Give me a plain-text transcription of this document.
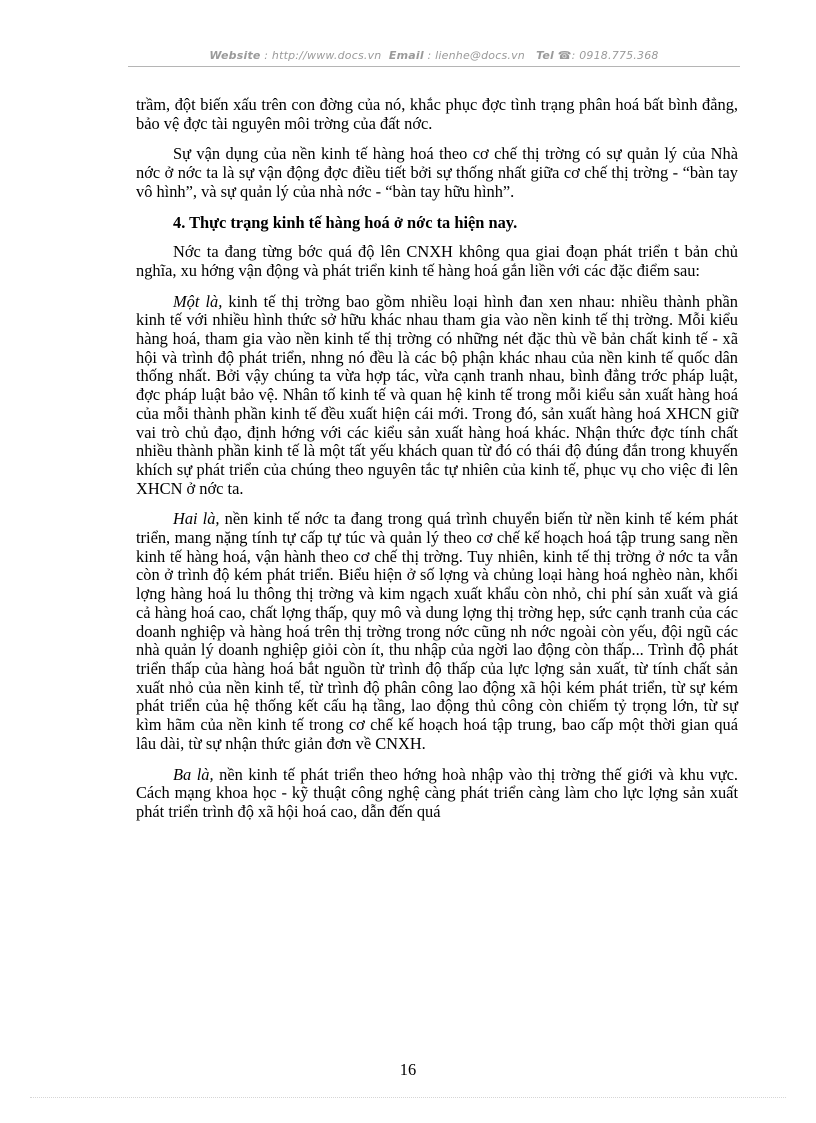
Website : http://www.docs.vn Email : lienhe@docs.vn Tel ☎: 0918.775.368

trầm, đột biến xấu trên con đờng của nó, khắc phục đợc tình trạng phân hoá bất bình đẳng, bảo vệ đợc tài nguyên môi trờng của đất nớc.

Sự vận dụng của nền kinh tế hàng hoá theo cơ chế thị trờng có sự quản lý của Nhà nớc ở nớc ta là sự vận động đợc điều tiết bởi sự thống nhất giữa cơ chế thị trờng - “bàn tay vô hình”, và sự quản lý của nhà nớc - “bàn tay hữu hình”.

4. Thực trạng kinh tế hàng hoá ở nớc ta hiện nay.

Nớc ta đang từng bớc quá độ lên CNXH không qua giai đoạn phát triển t bản chủ nghĩa, xu hớng vận động và phát triển kinh tế hàng hoá gắn liền với các đặc điểm sau:

Một là, kinh tế thị trờng bao gồm nhiều loại hình đan xen nhau: nhiều thành phần kinh tế với nhiều hình thức sở hữu khác nhau tham gia vào nền kinh tế thị trờng. Mỗi kiểu hàng hoá, tham gia vào nền kinh tế thị trờng có những nét đặc thù về bản chất kinh tế - xã hội và trình độ phát triển, nhng nó đều là các bộ phận khác nhau của nền kinh tế quốc dân thống nhất. Bởi vậy chúng ta vừa hợp tác, vừa cạnh tranh nhau, bình đẳng trớc pháp luật, đợc pháp luật bảo vệ. Nhân tố kinh tế và quan hệ kinh tế trong mỗi kiểu sản xuất hàng hoá của mỗi thành phần kinh tế đều xuất hiện cái mới. Trong đó, sản xuất hàng hoá XHCN giữ vai trò chủ đạo, định hớng với các kiểu sản xuất hàng hoá khác. Nhận thức đợc tính chất nhiều thành phần kinh tế là một tất yếu khách quan từ đó có thái độ đúng đắn trong khuyến khích sự phát triển của chúng theo nguyên tắc tự nhiên của kinh tế, phục vụ cho việc đi lên XHCN ở nớc ta.

Hai là, nền kinh tế nớc ta đang trong quá trình chuyển biến từ nền kinh tế kém phát triển, mang nặng tính tự cấp tự túc và quản lý theo cơ chế kế hoạch hoá tập trung sang nền kinh tế hàng hoá, vận hành theo cơ chế thị trờng. Tuy nhiên, kinh tế thị trờng ở nớc ta vẫn còn ở trình độ kém phát triển. Biểu hiện ở số lợng và chủng loại hàng hoá nghèo nàn, khối lợng hàng hoá lu thông thị trờng và kim ngạch xuất khẩu còn nhỏ, chi phí sản xuất và giá cả hàng hoá cao, chất lợng thấp, quy mô và dung lợng thị trờng hẹp, sức cạnh tranh của các doanh nghiệp và hàng hoá trên thị trờng trong nớc cũng nh nớc ngoài còn yếu, đội ngũ các nhà quản lý doanh nghiệp giỏi còn ít, thu nhập của ngời lao động còn thấp... Trình độ phát triển thấp của hàng hoá bắt nguồn từ trình độ thấp của lực lợng sản xuất, từ tính chất sản xuất nhỏ của nền kinh tế, từ trình độ phân công lao động xã hội kém phát triển, từ sự kém phát triển của hệ thống kết cấu hạ tầng, lao động thủ công còn chiếm tỷ trọng lớn, từ sự kìm hãm của nền kinh tế trong cơ chế kế hoạch hoá tập trung, bao cấp một thời gian quá lâu dài, từ sự nhận thức giản đơn về CNXH.

Ba là, nền kinh tế phát triển theo hớng hoà nhập vào thị trờng thế giới và khu vực. Cách mạng khoa học - kỹ thuật công nghệ càng phát triển càng làm cho lực lợng sản xuất phát triển trình độ xã hội hoá cao, dẫn đến quá

16
